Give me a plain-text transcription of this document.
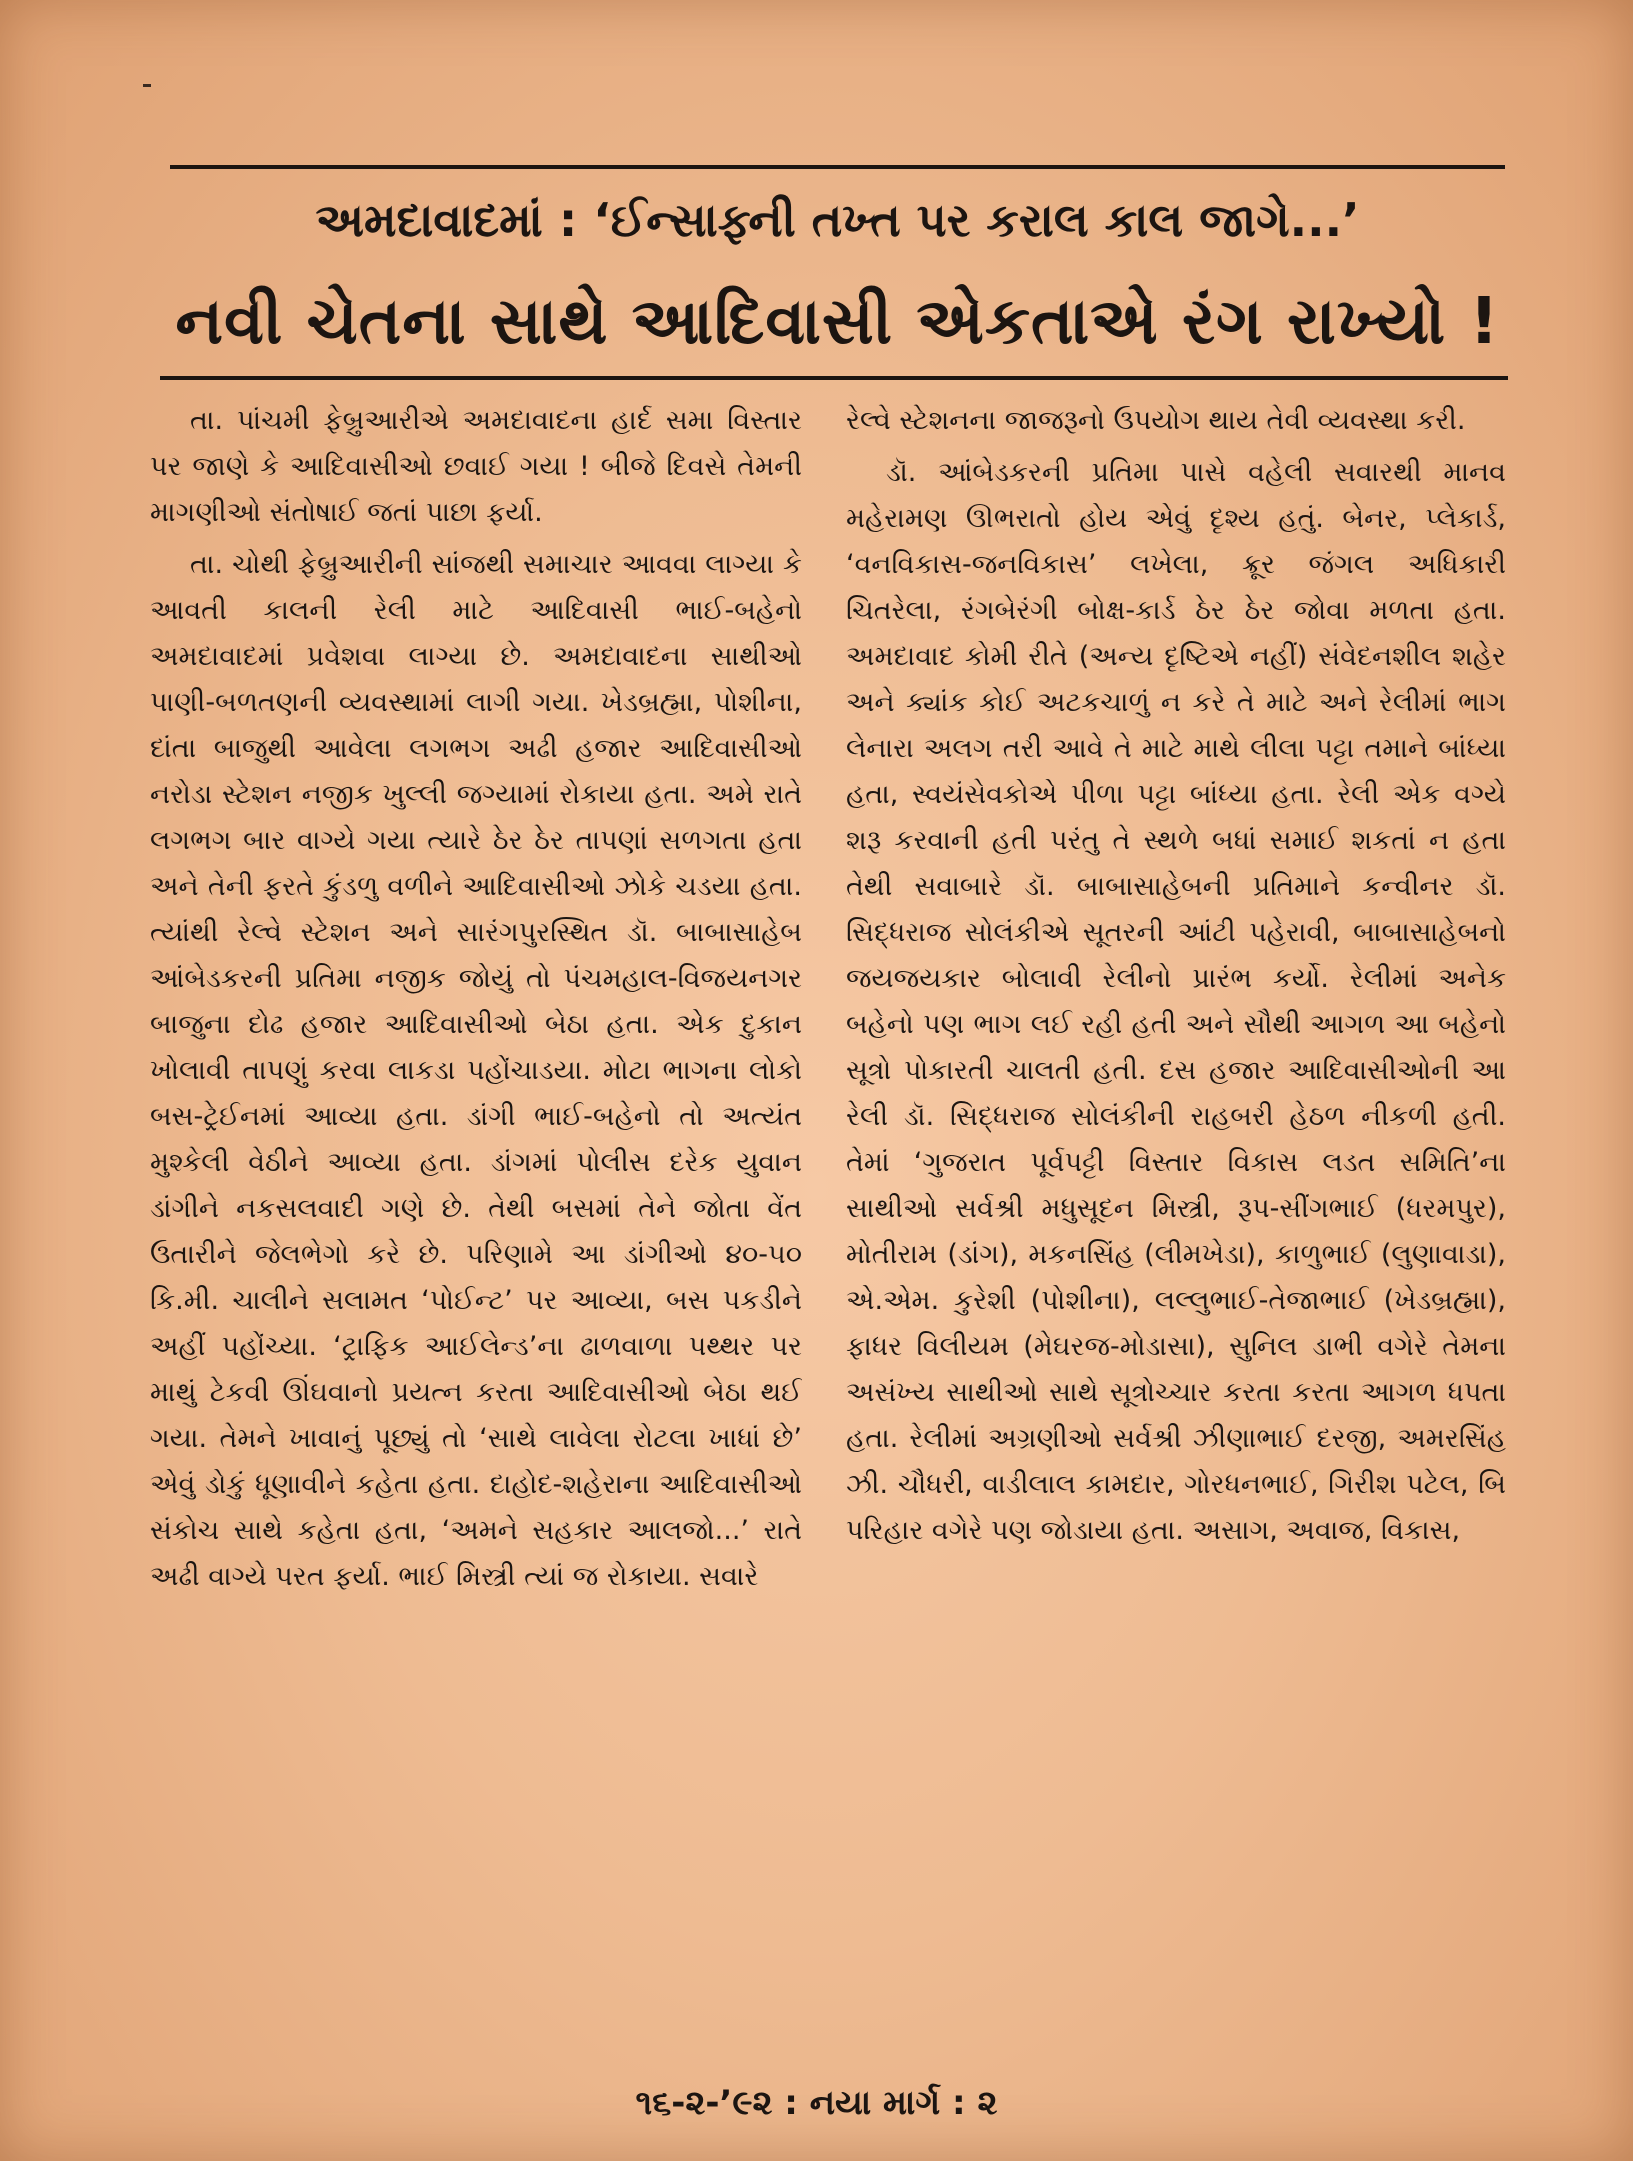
અમદાવાદમાં : ‘ઈન્સાફ્ની તખ્ત પર કરાલ કાલ જાગે...’
નવી ચેતના સાથે આદિવાસી એકતાએ રંગ રાખ્યો !

તા. પાંચમી ફેબ્રુઆરીએ અમદાવાદના હાર્દ સમા વિસ્તાર પર જાણે કે આદિવાસીઓ છવાઈ ગયા ! બીજે દિવસે તેમની માગણીઓ સંતોષાઈ જતાં પાછા ફર્યા.

તા. ચોથી ફેબ્રુઆરીની સાંજથી સમાચાર આવવા લાગ્યા કે આવતી કાલની રેલી માટે આદિવાસી ભાઈ-બહેનો અમદાવાદમાં પ્રવેશવા લાગ્યા છે. અમદાવાદના સાથીઓ પાણી-બળતણની વ્યવસ્થામાં લાગી ગયા. ખેડબ્રહ્મા, પોશીના, દાંતા બાજુથી આવેલા લગભગ અઢી હજાર આદિવાસીઓ નરોડા સ્ટેશન નજીક ખુલ્લી જગ્યામાં રોકાયા હતા. અમે રાતે લગભગ બાર વાગ્યે ગયા ત્યારે ઠેર ઠેર તાપણાં સળગતા હતા અને તેની ફરતે કુંડળુ વળીને આદિવાસીઓ ઝોકે ચડયા હતા. ત્યાંથી રેલ્વે સ્ટેશન અને સારંગપુરસ્થિત ડૉ. બાબાસાહેબ આંબેડકરની પ્રતિમા નજીક જોયું તો પંચમહાલ-વિજયનગર બાજુના દોઢ હજાર આદિવાસીઓ બેઠા હતા. એક દુકાન ખોલાવી તાપણું કરવા લાકડા પહોંચાડયા. મોટા ભાગના લોકો બસ-ટ્રેઈનમાં આવ્યા હતા. ડાંગી ભાઈ-બહેનો તો અત્યંત મુશ્કેલી વેઠીને આવ્યા હતા. ડાંગમાં પોલીસ દરેક યુવાન ડાંગીને નકસલવાદી ગણે છે. તેથી બસમાં તેને જોતા વેંત ઉતારીને જેલભેગો કરે છે. પરિણામે આ ડાંગીઓ ૪૦-૫૦ કિ.મી. ચાલીને સલામત ‘પોઈન્ટ’ પર આવ્યા, બસ પકડીને અહીં પહોંચ્યા. ‘ટ્રાફિક આઈલેન્ડ’ના ઢાળવાળા પથ્થર પર માથું ટેકવી ઊંઘવાનો પ્રયત્ન કરતા આદિવાસીઓ બેઠા થઈ ગયા. તેમને ખાવાનું પૂછ્યું તો ‘સાથે લાવેલા રોટલા ખાધાં છે’ એવું ડોકું ધૂણાવીને કહેતા હતા. દાહોદ-શહેરાના આદિવાસીઓ સંકોચ સાથે કહેતા હતા, ‘અમને સહકાર આલજો...’ રાતે અઢી વાગ્યે પરત ફર્યા. ભાઈ મિસ્ત્રી ત્યાં જ રોકાયા. સવારે

રેલ્વે સ્ટેશનના જાજરૂનો ઉપયોગ થાય તેવી વ્યવસ્થા કરી.

ડૉ. આંબેડકરની પ્રતિમા પાસે વહેલી સવારથી માનવ મહેરામણ ઊભરાતો હોય એવું દૃશ્ય હતું. બેનર, પ્લેકાર્ડ, ‘વનવિકાસ-જનવિકાસ’ લખેલા, ક્રૂર જંગલ અધિકારી ચિતરેલા, રંગબેરંગી બોક્ષ-કાર્ડ ઠેર ઠેર જોવા મળતા હતા. અમદાવાદ કોમી રીતે (અન્ય દૃષ્ટિએ નહીં) સંવેદનશીલ શહેર અને ક્યાંક કોઈ અટકચાળું ન કરે તે માટે અને રેલીમાં ભાગ લેનારા અલગ તરી આવે તે માટે માથે લીલા પટ્ટા તમાને બાંધ્યા હતા, સ્વયંસેવકોએ પીળા પટ્ટા બાંધ્યા હતા. રેલી એક વગ્યે શરૂ કરવાની હતી પરંતુ તે સ્થળે બધાં સમાઈ શકતાં ન હતા તેથી સવાબારે ડૉ. બાબાસાહેબની પ્રતિમાને કન્વીનર ડૉ. સિદ્ધરાજ સોલંકીએ સૂતરની આંટી પહેરાવી, બાબાસાહેબનો જયજયકાર બોલાવી રેલીનો પ્રારંભ કર્યો. રેલીમાં અનેક બહેનો પણ ભાગ લઈ રહી હતી અને સૌથી આગળ આ બહેનો સૂત્રો પોકારતી ચાલતી હતી. દસ હજાર આદિવાસીઓની આ રેલી ડૉ. સિદ્ધરાજ સોલંકીની રાહબરી હેઠળ નીકળી હતી. તેમાં ‘ગુજરાત પૂર્વપટ્ટી વિસ્તાર વિકાસ લડત સમિતિ’ના સાથીઓ સર્વશ્રી મધુસૂદન મિસ્ત્રી, રૂપ-સીંગભાઈ (ધરમપુર), મોતીરામ (ડાંગ), મકનસિંહ (લીમખેડા), કાળુભાઈ (લુણાવાડા), એ.એમ. કુરેશી (પોશીના), લલ્લુભાઈ-તેજાભાઈ (ખેડબ્રહ્મા), ફાધર વિલીયમ (મેઘરજ-મોડાસા), સુનિલ ડાભી વગેરે તેમના અસંખ્ય સાથીઓ સાથે સૂત્રોચ્ચાર કરતા કરતા આગળ ધપતા હતા. રેલીમાં અગ્રણીઓ સર્વશ્રી ઝીણાભાઈ દરજી, અમરસિંહ ઝી. ચૌધરી, વાડીલાલ કામદાર, ગોરધનભાઈ, ગિરીશ પટેલ, બિ પરિહાર વગેરે પણ જોડાયા હતા. અસાગ, અવાજ, વિકાસ,

૧૬-૨-’૯૨ : નયા માર્ગ : ૨
